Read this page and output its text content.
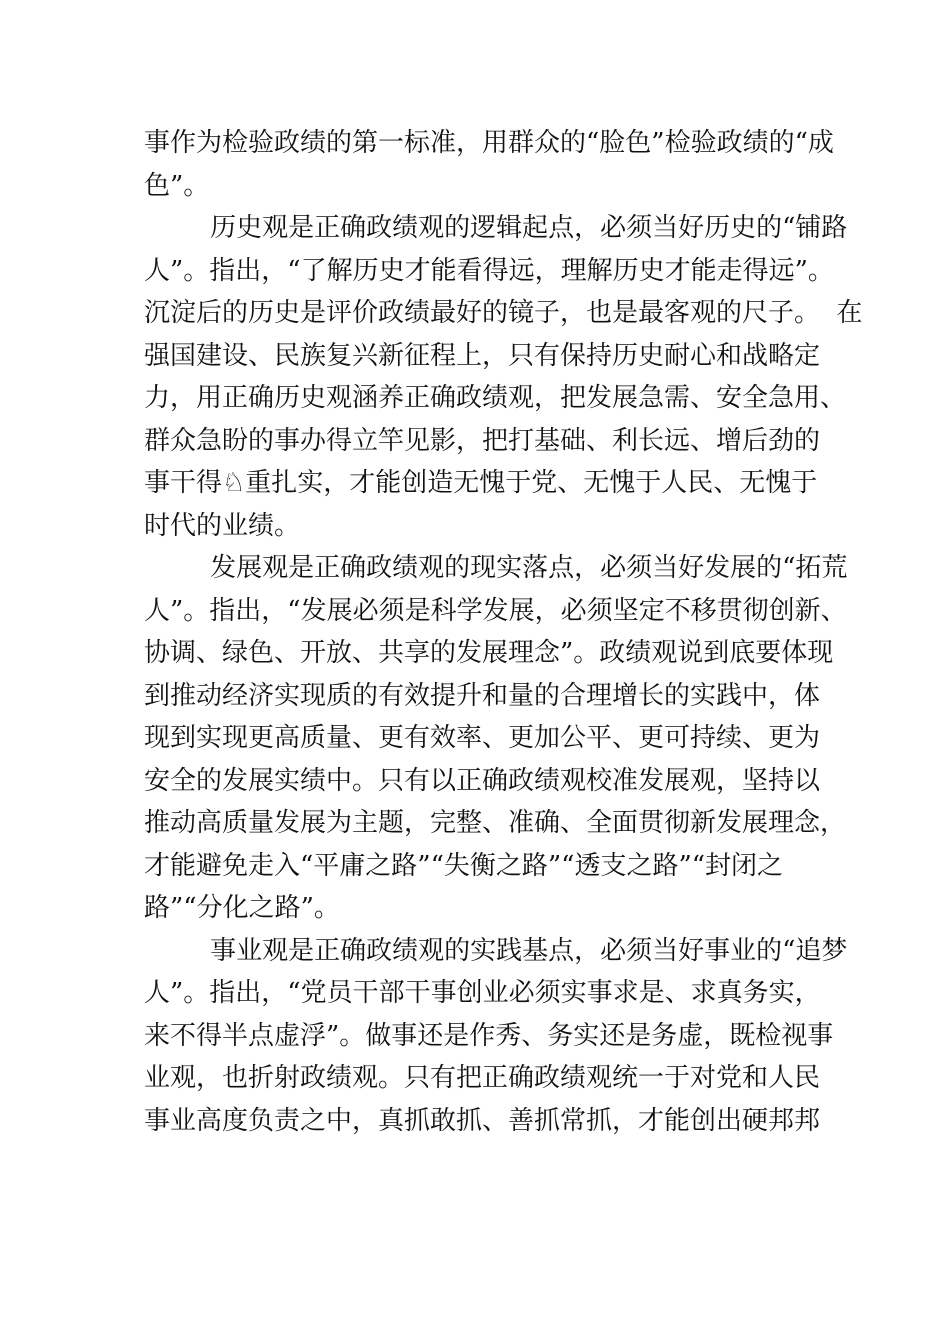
事作为检验政绩的第一标准，用群众的“脸色”检验政绩的“成
色”。
历史观是正确政绩观的逻辑起点，必须当好历史的“铺路
人”。指出，“了解历史才能看得远，理解历史才能走得远”。
沉淀后的历史是评价政绩最好的镜子，也是最客观的尺子。  在
强国建设、民族复兴新征程上，只有保持历史耐心和战略定
力，用正确历史观涵养正确政绩观，把发展急需、安全急用、
群众急盼的事办得立竿见影，把打基础、利长远、增后劲的
事干得♘重扎实，才能创造无愧于党、无愧于人民、无愧于
时代的业绩。
发展观是正确政绩观的现实落点，必须当好发展的“拓荒
人”。指出，“发展必须是科学发展，必须坚定不移贯彻创新、
协调、绿色、开放、共享的发展理念”。政绩观说到底要体现
到推动经济实现质的有效提升和量的合理增长的实践中，体
现到实现更高质量、更有效率、更加公平、更可持续、更为
安全的发展实绩中。只有以正确政绩观校准发展观，坚持以
推动高质量发展为主题，完整、准确、全面贯彻新发展理念，
才能避免走入“平庸之路”“失衡之路”“透支之路”“封闭之
路”“分化之路”。
事业观是正确政绩观的实践基点，必须当好事业的“追梦
人”。指出，“党员干部干事创业必须实事求是、求真务实，
来不得半点虚浮”。做事还是作秀、务实还是务虚，既检视事
业观，也折射政绩观。只有把正确政绩观统一于对党和人民
事业高度负责之中，真抓敢抓、善抓常抓，才能创出硬邦邦
